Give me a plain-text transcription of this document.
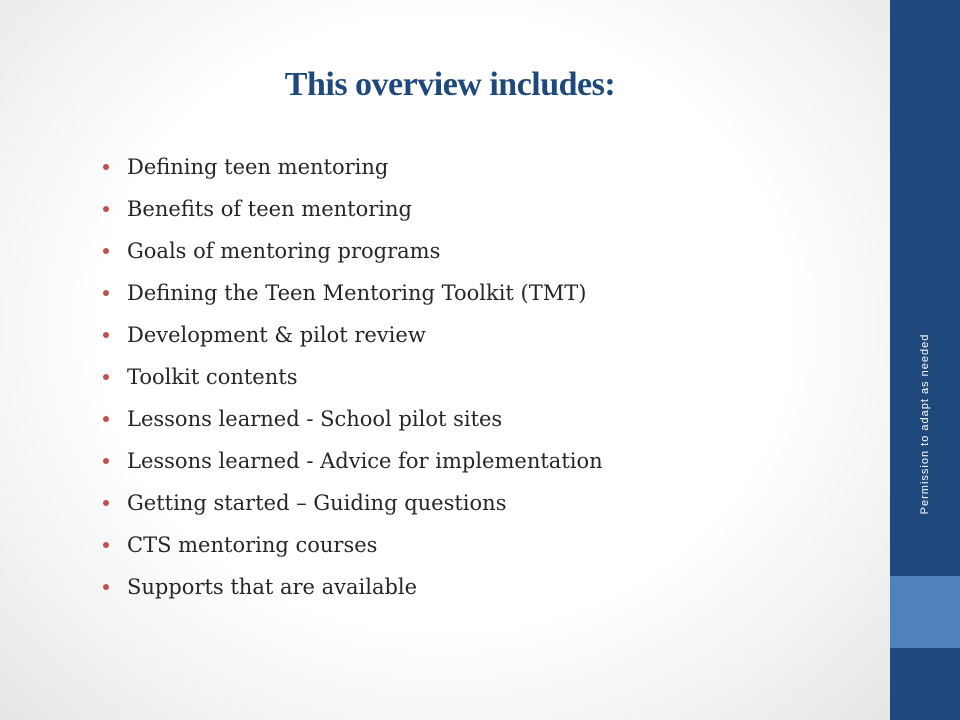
This overview includes:
Defining teen mentoring
Benefits of teen mentoring
Goals of mentoring programs
Defining the Teen Mentoring Toolkit (TMT)
Development & pilot review
Toolkit contents
Lessons learned - School pilot sites
Lessons learned - Advice for implementation
Getting started – Guiding questions
CTS mentoring courses
Supports that are available
Permission to adapt as needed
